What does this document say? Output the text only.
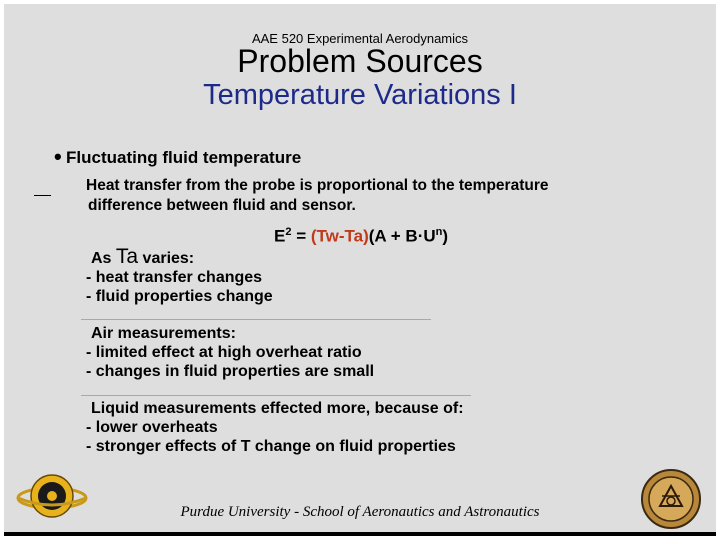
AAE 520 Experimental Aerodynamics
Problem Sources
Temperature Variations I
• Fluctuating fluid temperature
Heat transfer from the probe is proportional to the temperature
difference between fluid and sensor.
$E^2 = (Tw-Ta)(A + B\cdot U^n)$
As Ta varies:
- heat transfer changes
- fluid properties change
Air measurements:
- limited effect at high overheat ratio
- changes in fluid properties are small
Liquid measurements effected more, because of:
- lower overheats
- stronger effects of T change on fluid properties
Purdue University - School of Aeronautics and Astronautics
